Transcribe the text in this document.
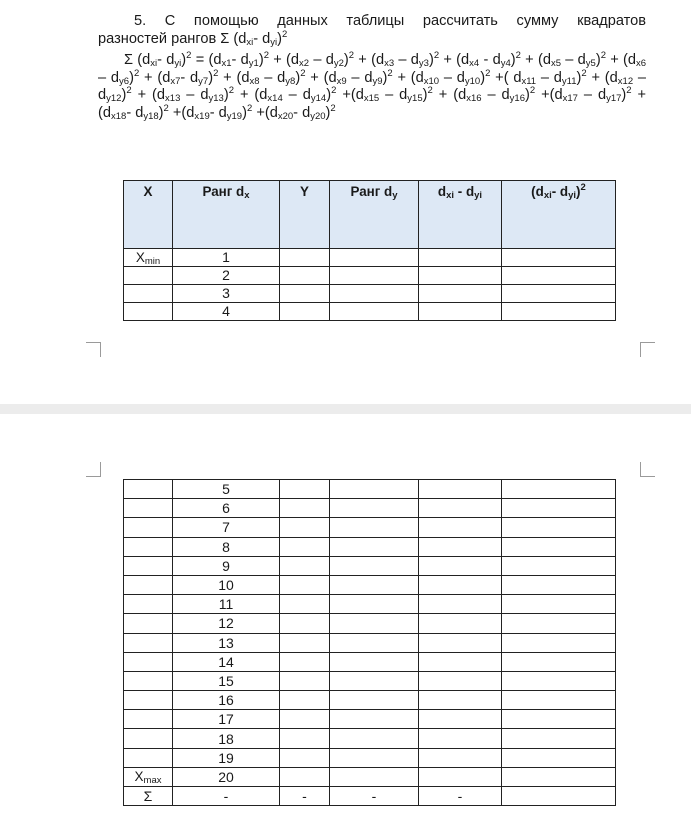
5. С помощью данных таблицы рассчитать сумму квадратов
разностей рангов Σ ($d_{xi}-$ $d_{yi})^2$
Σ ($d_{xi}-$ $d_{yi})^2 = (d_{x1}-$ $d_{y1})^2 + (d_{x2} - d_{y2})^2 + (d_{x3} - d_{y3})^2 + (d_{x4} - d_{y4})^2 + (d_{x5} - d_{y5})^2 + (d_{x6} - d_{y6})^2 + (d_{x7}-$ $d_{y7})^2 + (d_{x8} - d_{y8})^2 + (d_{x9} - d_{y9})^2 + (d_{x10} - d_{y10})^2$ +( $d_{x11} - d_{y11})^2 + (d_{x12} - d_{y12})^2 + (d_{x13} - d_{y13})^2 + (d_{x14} - d_{y14})^2 +(d_{x15} - d_{y15})^2 + (d_{x16} - d_{y16})^2 +(d_{x17} - d_{y17})^2 + (d_{x18}-$ $d_{y18})^2 +(d_{x19}-$ $d_{y19})^2 +(d_{x20}-$ $d_{y20})^2$
X	Ранг $d_x$	Y	Ранг $d_y$	$d_{xi} - d_{yi}$	($d_{xi}-$ $d_{yi})^2$
$X_{min}$	1				
	2				
	3				
	4				
	5				
	6				
	7				
	8				
	9				
	10				
	11				
	12				
	13				
	14				
	15				
	16				
	17				
	18				
	19				
$X_{max}$	20				
Σ	-	-	-	-	
